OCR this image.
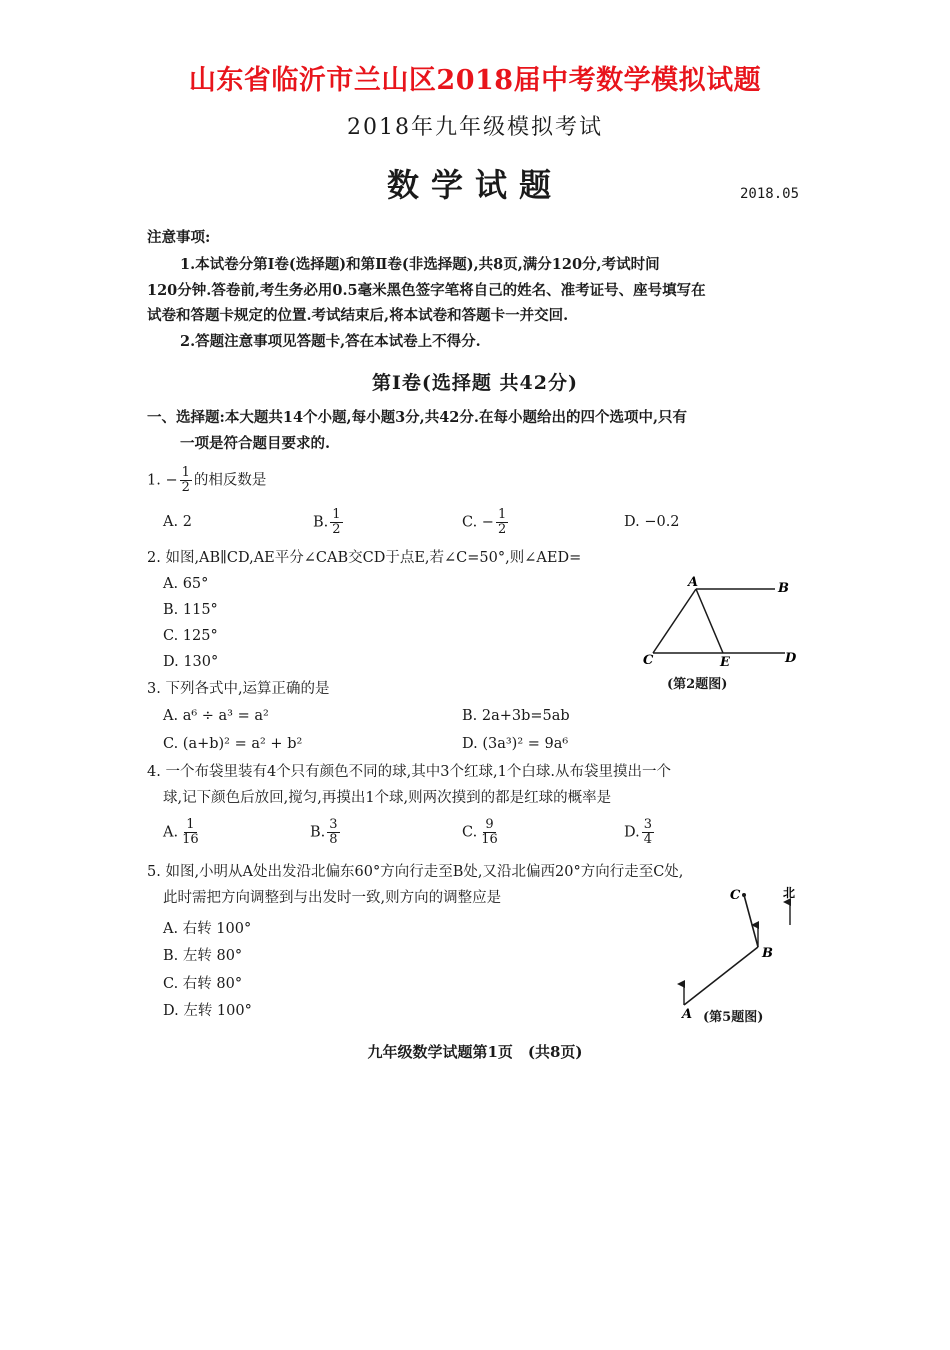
山东省临沂市兰山区2018届中考数学模拟试题
2018年九年级模拟考试
数学试题	2018.05
注意事项:
1.本试卷分第Ⅰ卷(选择题)和第Ⅱ卷(非选择题),共8页,满分120分,考试时间
120分钟.答卷前,考生务必用0.5毫米黑色签字笔将自己的姓名、准考证号、座号填写在
试卷和答题卡规定的位置.考试结束后,将本试卷和答题卡一并交回.
2.答题注意事项见答题卡,答在本试卷上不得分.
第Ⅰ卷(选择题 共42分)
一、选择题:本大题共14个小题,每小题3分,共42分.在每小题给出的四个选项中,只有
一项是符合题目要求的.
1. − $\frac{1}{2}$ 的相反数是
A. 2	B. $\frac{1}{2}$	C. − $\frac{1}{2}$	D. −0.2
2. 如图,AB∥CD,AE平分∠CAB交CD于点E,若∠C=50°,则∠AED=
A. 65°
B. 115°
C. 125°
D. 130°
A	B
C	E	D
(第2题图)
3. 下列各式中,运算正确的是
A. a⁶ ÷ a³ = a²	B. 2a+3b=5ab
C. (a+b)² = a² + b²	D. (3a³)² = 9a⁶
4. 一个布袋里装有4个只有颜色不同的球,其中3个红球,1个白球.从布袋里摸出一个
球,记下颜色后放回,搅匀,再摸出1个球,则两次摸到的都是红球的概率是
A. $\frac{1}{16}$	B. $\frac{3}{8}$	C. $\frac{9}{16}$	D. $\frac{3}{4}$
5. 如图,小明从A处出发沿北偏东60°方向行走至B处,又沿北偏西20°方向行走至C处,
此时需把方向调整到与出发时一致,则方向的调整应是
A. 右转 100°
B. 左转 80°
C. 右转 80°
D. 左转 100°
C
B
A
北
(第5题图)
九年级数学试题第1页　(共8页)
